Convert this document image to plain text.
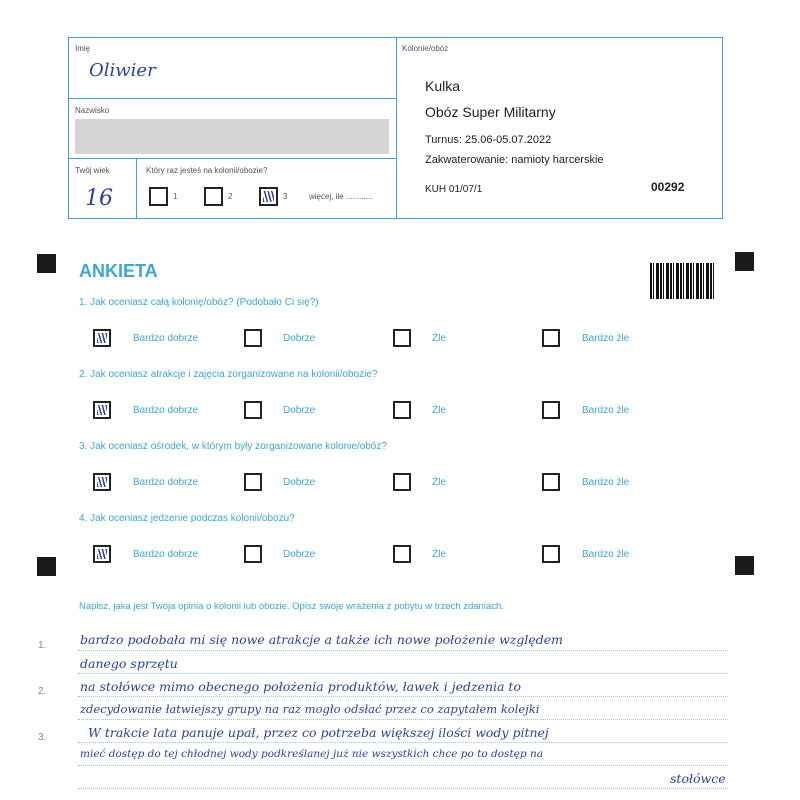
Imię
Oliwier
Nazwisko
Twój wiek
16
Który raz jesteś na kolonii/obozie?
1	2	3	więcej, ile ............
Kolonie/obóz
Kulka
Obóz Super Militarny
Turnus: 25.06-05.07.2022
Zakwaterowanie: namioty harcerskie
KUH 01/07/1	00292
ANKIETA
1. Jak oceniasz całą kolonię/obóz? (Podobało Ci się?)
Bardzo dobrze	Dobrze	Źle	Bardzo źle
2. Jak oceniasz atrakcje i zajęcia zorganizowane na kolonii/obozie?
Bardzo dobrze	Dobrze	Źle	Bardzo źle
3. Jak oceniasz ośrodek, w którym były zorganizowane kolonie/obóz?
Bardzo dobrze	Dobrze	Źle	Bardzo źle
4. Jak oceniasz jedzenie podczas kolonii/obozu?
Bardzo dobrze	Dobrze	Źle	Bardzo źle
Napisz, jaka jest Twoja opinia o kolonii lub obozie. Opisz swoje wrażenia z pobytu w trzech zdaniach.
1.
2.
3.
bardzo podobała mi się nowe atrakcje a także ich nowe położenie względem
danego sprzętu
na stołówce mimo obecnego położenia produktów, ławek i jedzenia to
zdecydowanie łatwiejszy grupy na raz mogło odsłać przez co zapytałem kolejki
W trakcie lata panuje upał, przez co potrzeba większej ilości wody pitnej
mieć dostęp do tej chłodnej wody podkreślanej już nie wszystkich chce po to dostęp na
stołówce
